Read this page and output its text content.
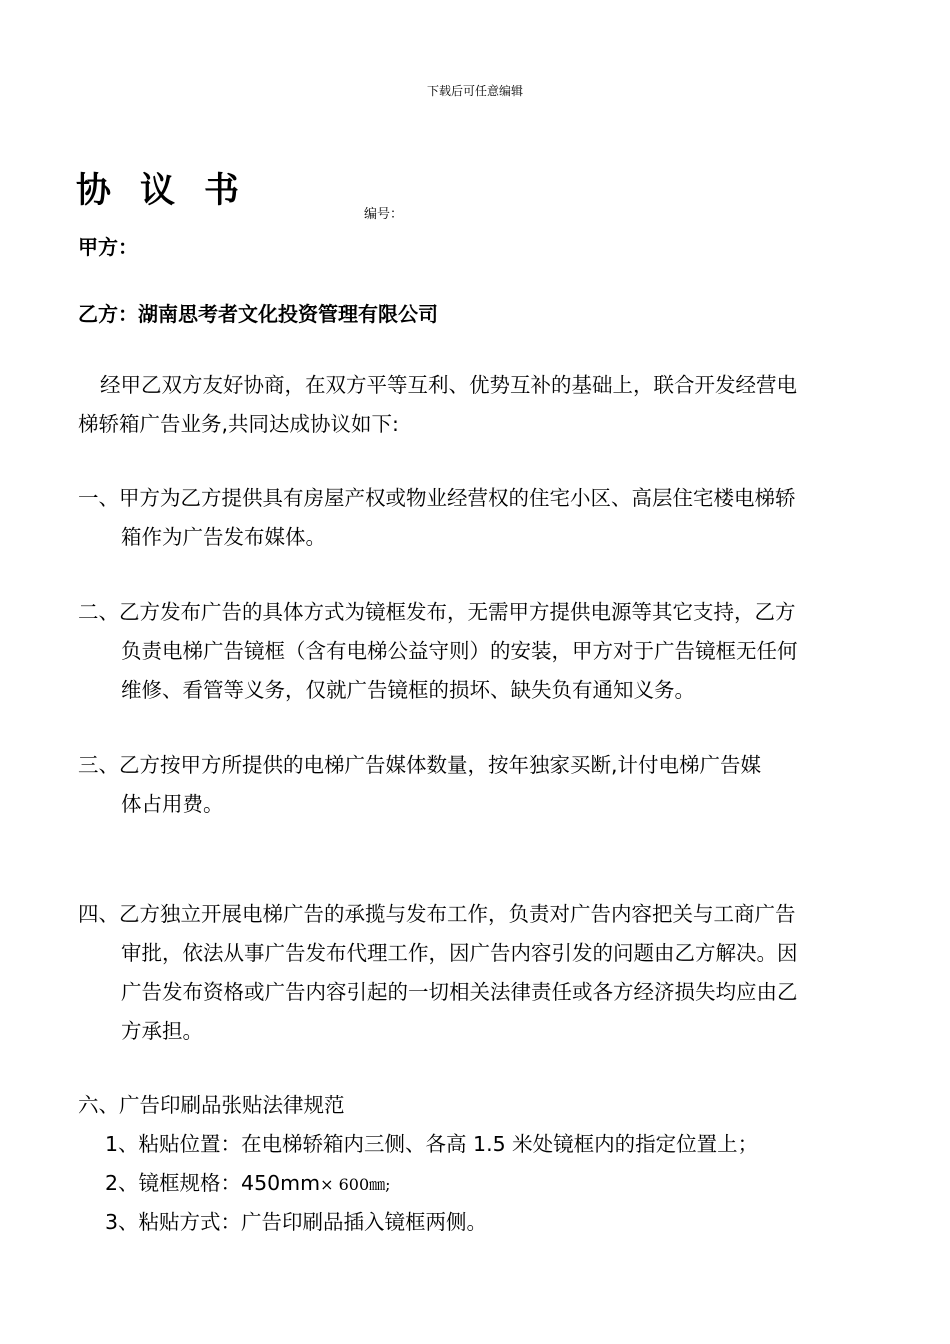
下载后可任意编辑
协议书
编号：
甲方：
乙方：湖南思考者文化投资管理有限公司
经甲乙双方友好协商，在双方平等互利、优势互补的基础上，联合开发经营电
梯轿箱广告业务,共同达成协议如下:
一、甲方为乙方提供具有房屋产权或物业经营权的住宅小区、高层住宅楼电梯轿
箱作为广告发布媒体。
二、乙方发布广告的具体方式为镜框发布，无需甲方提供电源等其它支持，乙方
负责电梯广告镜框（含有电梯公益守则）的安装，甲方对于广告镜框无任何
维修、看管等义务，仅就广告镜框的损坏、缺失负有通知义务。
三、乙方按甲方所提供的电梯广告媒体数量，按年独家买断,计付电梯广告媒
体占用费。
四、乙方独立开展电梯广告的承揽与发布工作，负责对广告内容把关与工商广告
审批，依法从事广告发布代理工作，因广告内容引发的问题由乙方解决。因
广告发布资格或广告内容引起的一切相关法律责任或各方经济损失均应由乙
方承担。
六、广告印刷品张贴法律规范
1、粘贴位置：在电梯轿箱内三侧、各高 1.5 米处镜框内的指定位置上；
2、镜框规格：450mm× 600㎜;
3、粘贴方式：广告印刷品插入镜框两侧。
